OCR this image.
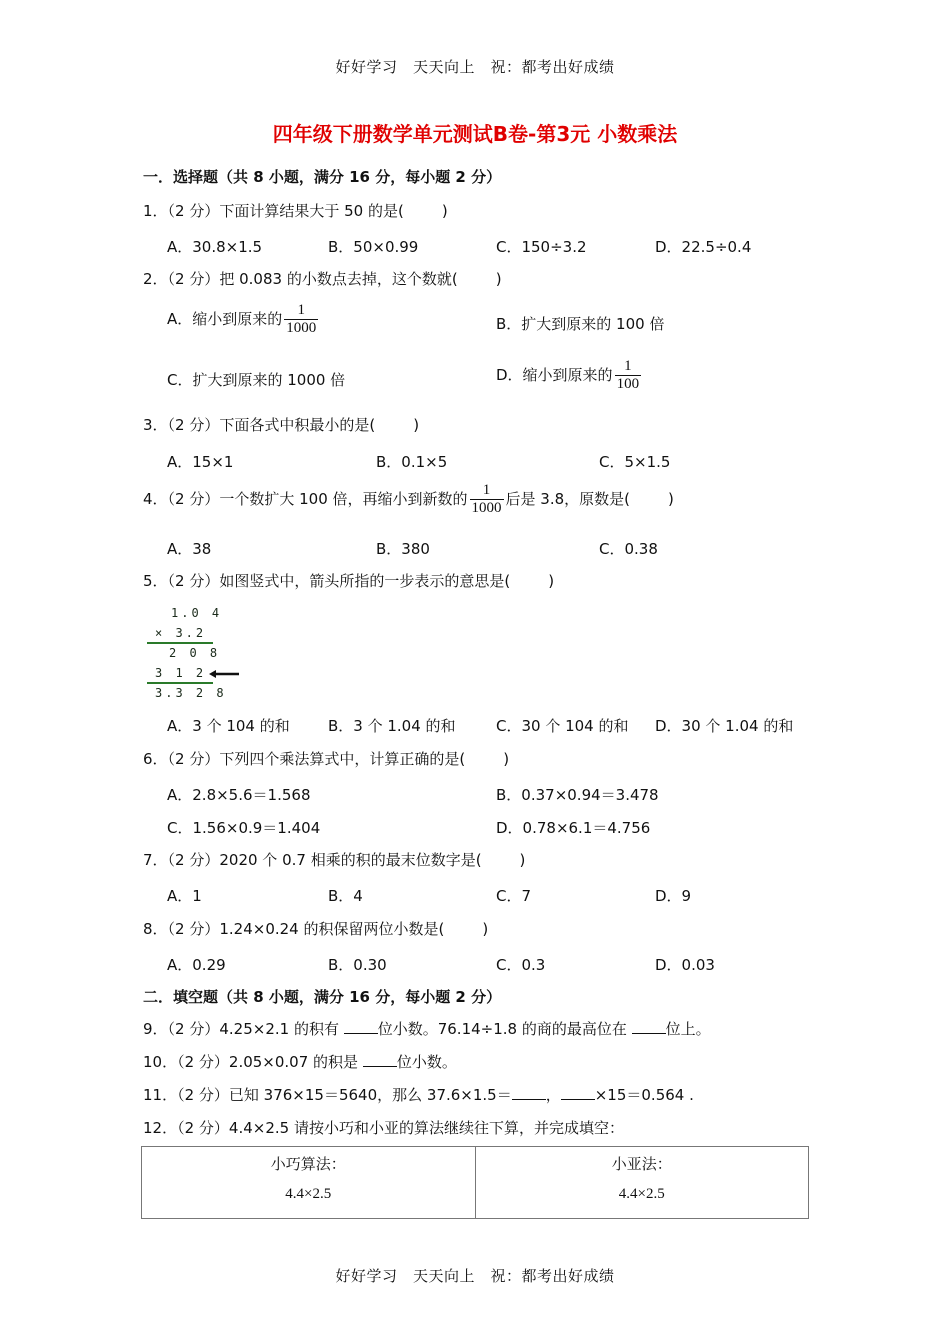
好好学习　天天向上　祝：都考出好成绩
四年级下册数学单元测试B卷-第3元 小数乘法
一．选择题（共 8 小题，满分 16 分，每小题 2 分）
1．（2 分）下面计算结果大于 50 的是(	)
A．30.8×1.5	B．50×0.99	C．150÷3.2	D．22.5÷0.4
2．（2 分）把 0.083 的小数点去掉，这个数就(	)
A．缩小到原来的 $\frac{1}{1000}$	B．扩大到原来的 100 倍
C．扩大到原来的 1000 倍	D．缩小到原来的 $\frac{1}{100}$
3．（2 分）下面各式中积最小的是(	)
A．15×1	B．0.1×5	C．5×1.5
4．（2 分）一个数扩大 100 倍，再缩小到新数的 $\frac{1}{1000}$ 后是 3.8，原数是(	)
A．38	B．380	C．0.38
5．（2 分）如图竖式中，箭头所指的一步表示的意思是(	)
1.0 4
× 3.2
2 0 8
3 1 2
3.3 2 8
A．3 个 104 的和	B．3 个 1.04 的和	C．30 个 104 的和 D．30 个 1.04 的和
6．（2 分）下列四个乘法算式中，计算正确的是(	)
A．2.8×5.6＝1.568	B．0.37×0.94＝3.478
C．1.56×0.9＝1.404	D．0.78×6.1＝4.756
7．（2 分）2020 个 0.7 相乘的积的最末位数字是(	)
A．1	B．4	C．7	D．9
8．（2 分）1.24×0.24 的积保留两位小数是(	)
A．0.29	B．0.30	C．0.3	D．0.03
二．填空题（共 8 小题，满分 16 分，每小题 2 分）
9．（2 分）4.25×2.1 的积有 位小数。76.14÷1.8 的商的最高位在 位上。
10．（2 分）2.05×0.07 的积是 位小数。
11．（2 分）已知 376×15＝5640，那么 37.6×1.5＝ ， ×15＝0.564 .
12．（2 分）4.4×2.5 请按小巧和小亚的算法继续往下算，并完成填空：
小巧算法：
4.4×2.5

小亚法：
4.4×2.5
好好学习　天天向上　祝：都考出好成绩
